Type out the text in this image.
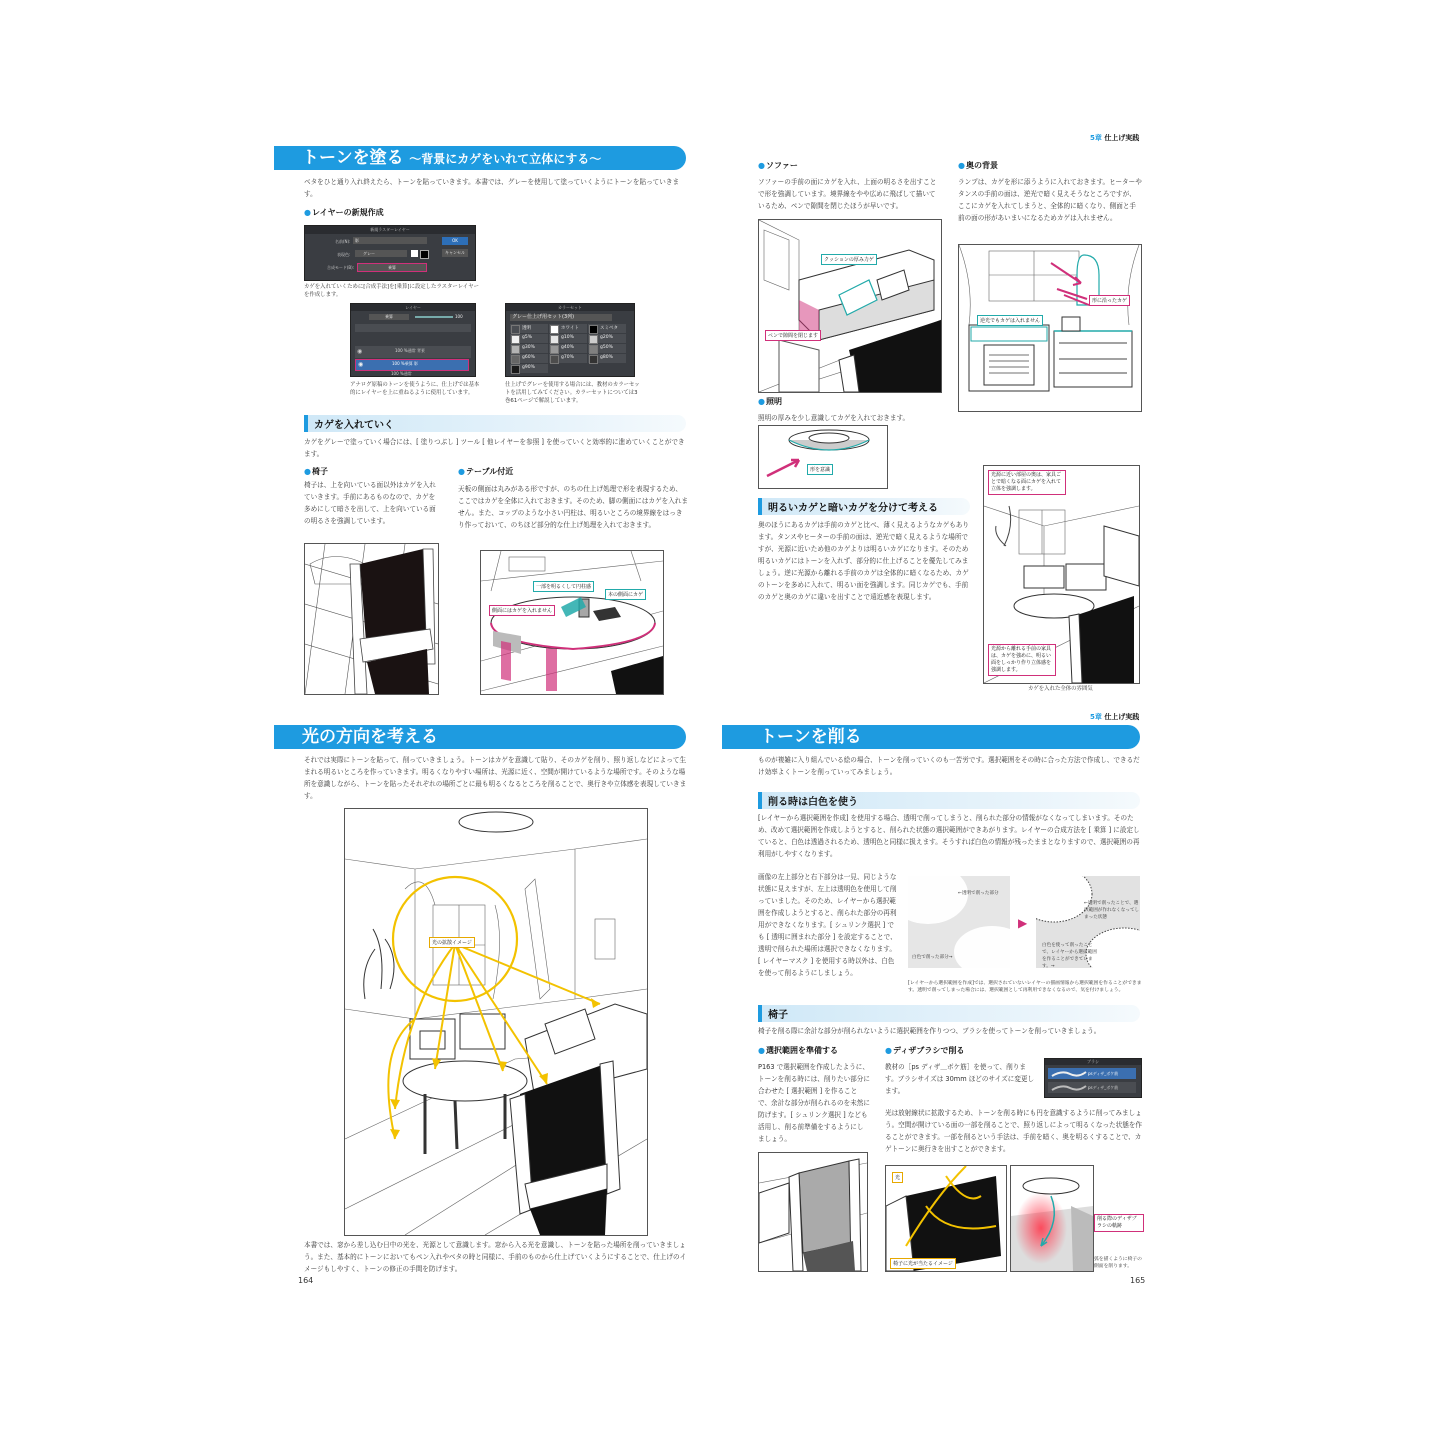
5章 仕上げ実践
5章 仕上げ実践
トーンを塗る ～背景にカゲをいれて立体にする～
ベタをひと通り入れ終えたら、トーンを貼っていきます。本書では、グレーを使用して塗っていくようにトーンを貼っていきます。
● レイヤーの新規作成
新規ラスターレイヤー
名前(N):	影
表現色:	グレー
合成モード(B):	乗算
OK
キャンセル
カゲを入れていくために[合成手法]を[乗算]に設定したラスターレイヤーを作成します。
レイヤー
乗算	100
◉	100 %通常 背景
◉	100 %乗算 影
100 %通常
カラーセット
グレー仕上げ用セット(3列)
透明	ホワイト	スミベタ
g5%	g10%	g20%
g30%	g40%	g50%
g60%	g70%	g80%
g90%
アナログ原稿のトーンを使うように、仕上げでは基本的にレイヤーを上に重ねるように使用しています。
仕上げでグレーを使用する場合には、教材のカラーセットを活用してみてください。カラーセットについては3巻61ページで解説しています。
カゲを入れていく
カゲをグレーで塗っていく場合には、[ 塗りつぶし ] ツール [ 他レイヤーを参照 ] を使っていくと効率的に進めていくことができます。
● 椅子
椅子は、上を向いている面以外はカゲを入れていきます。手前にあるものなので、カゲを多めにして暗さを出して、上を向いている面の明るさを強調しています。
● テーブル付近
天板の側面は丸みがある形ですが、のちの仕上げ処理で形を表現するため、ここではカゲを全体に入れておきます。そのため、脚の側面にはカゲを入れません。また、コップのような小さい円柱は、明るいところの境界線をはっきり作っておいて、のちほど部分的な仕上げ処理を入れておきます。
一部を明るくして円柱感
本の側面にカゲ
側面にはカゲを入れません
● ソファー
ソファーの手前の面にカゲを入れ、上面の明るさを出すことで形を強調しています。境界線をやや広めに飛ばして描いているため、ペンで隙間を閉じたほうが早いです。
● 奥の背景
ランプは、カゲを形に添うように入れておきます。ヒーターやタンスの手前の面は、逆光で暗く見えそうなところですが、ここにカゲを入れてしまうと、全体的に暗くなり、側面と手前の面の形があいまいになるためカゲは入れません。
クッションの厚み力ゲ
ペンで隙間を閉じます
形に沿ったカゲ
逆光でもカゲは入れません
● 照明
照明の厚みを少し意識してカゲを入れておきます。
形を意識
明るいカゲと暗いカゲを分けて考える
奥のほうにあるカゲは手前のカゲと比べ、薄く見えるようなカゲもあります。タンスやヒーターの手前の面は、逆光で暗く見えるような場所ですが、光源に近いため他のカゲよりは明るいカゲになります。そのため明るいカゲにはトーンを入れず、部分的に仕上げることを優先してみましょう。逆に光源から離れる手前のカゲは全体的に暗くなるため、カゲのトーンを多めに入れて、明るい面を強調します。同じカゲでも、手前のカゲと奥のカゲに違いを出すことで遠近感を表現します。
光源に近い部屋の奥は、家具ごとで暗くなる面にカゲを入れて立体を強調します。
光源から離れる手前の家具は、カゲを強めに、明るい面をしっかり作り立体感を強調します。
カゲを入れた全体の雰囲気
光の方向を考える
それでは実際にトーンを貼って、削っていきましょう。トーンはカゲを意識して貼り、そのカゲを削り、照り返しなどによって生まれる明るいところを作っていきます。明るくなりやすい場所は、光源に近く、空間が開けているような場所です。そのような場所を意識しながら、トーンを貼ったそれぞれの場所ごとに最も明るくなるところを削ることで、奥行きや立体感を表現していきます。
光の拡散イメージ
本書では、窓から差し込む日中の光を、光源として意識します。窓から入る光を意識し、トーンを貼った場所を削っていきましょう。また、基本的にトーンにおいてもペン入れやベタの時と同様に、手前のものから仕上げていくようにすることで、仕上げのイメージもしやすく、トーンの修正の手間を防げます。
164
トーンを削る
ものが複雑に入り組んでいる絵の場合、トーンを削っていくのも一苦労です。選択範囲をその時に合った方法で作成し、できるだけ効率よくトーンを削っていってみましょう。
削る時は白色を使う
[レイヤーから選択範囲を作成] を使用する場合、透明で削ってしまうと、削られた部分の情報がなくなってしまいます。そのため、改めて選択範囲を作成しようとすると、削られた状態の選択範囲ができあがります。レイヤーの合成方法を [ 乗算 ] に設定していると、白色は透過されるため、透明色と同様に扱えます。そうすれば白色の情報が残ったままとなりますので、選択範囲の再利用がしやすくなります。
画像の左上部分と右下部分は一見、同じような状態に見えますが、左上は透明色を使用して削っていました。そのため、レイヤーから選択範囲を作成しようとすると、削られた部分の再利用ができなくなります。[ シュリンク選択 ] でも [ 透明に囲まれた部分 ] を設定することで、透明で削られた場所は選択できなくなります。[ レイヤーマスク ] を使用する時以外は、白色を使って削るようにしましょう。
←透明で削った部分
白色で削った部分→
▶
←透明で削ったことで、選択範囲が作れなくなってしまった状態
白色を使って削ったことで、レイヤーから選択範囲を作ることができています。→
[レイヤーから選択範囲を作成]では、選択されていないレイヤーの描画情報から選択範囲を作ることができます。透明で削ってしまった場合には、選択範囲として再利用できなくなるので、気を付けましょう。
椅子
椅子を削る際に余計な部分が削られないように選択範囲を作りつつ、ブラシを使ってトーンを削っていきましょう。
● 選択範囲を準備する
P163 で選択範囲を作成したように、トーンを削る時には、削りたい部分に合わせた [ 選択範囲 ] を作ることで、余計な部分が削られるのを未然に防げます。[ シュリンク選択 ] なども活用し、削る前準備をするようにしましょう。
● ディザブラシで削る
教材の［ps ディザ＿ボケ筋］を使って、削ります。ブラシサイズは 30mm ほどのサイズに変更します。
ブラシ
psディザ_ボケ筋
psディザ_ボケ筋
光は放射線状に拡散するため、トーンを削る時にも円を意識するように削ってみましょう。空間が開けている面の一部を削ることで、照り返しによって明るくなった状態を作ることができます。一部を削るという手法は、手前を暗く、奥を明るくすることで、カゲトーンに奥行きを出すことができます。
光
椅子に光が当たるイメージ
削る際のディザブラシの軌跡
弧を描くように椅子の側面を削ります。
165
